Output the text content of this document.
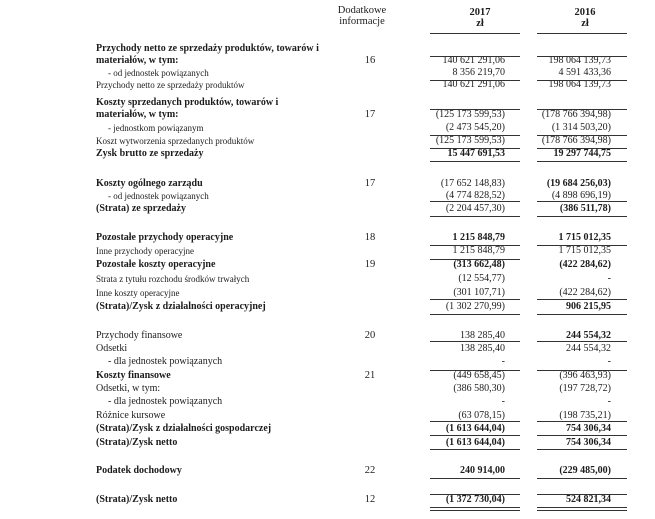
Dodatkowe informacje
2017
zł
2016
zł
Przychody netto ze sprzedaży produktów, towarów i
materiałów, w tym:	16	140 621 291,06	198 064 139,73
- od jednostek powiązanych	8 356 219,70	4 591 433,36
Przychody netto ze sprzedaży produktów	140 621 291,06	198 064 139,73
Koszty sprzedanych produktów, towarów i
materiałów, w tym:	17	(125 173 599,53)	(178 766 394,98)
- jednostkom powiązanym	(2 473 545,20)	(1 314 503,20)
Koszt wytworzenia sprzedanych produktów	(125 173 599,53)	(178 766 394,98)
Zysk brutto ze sprzedaży	15 447 691,53	19 297 744,75
Koszty ogólnego zarządu	17	(17 652 148,83)	(19 684 256,03)
- od jednostek powiązanych	(4 774 828,52)	(4 898 696,19)
(Strata) ze sprzedaży	(2 204 457,30)	(386 511,78)
Pozostałe przychody operacyjne	18	1 215 848,79	1 715 012,35
Inne przychody operacyjne	1 215 848,79	1 715 012,35
Pozostałe koszty operacyjne	19	(313 662,48)	(422 284,62)
Strata z tytułu rozchodu środków trwałych	(12 554,77)	-
Inne koszty operacyjne	(301 107,71)	(422 284,62)
(Strata)/Zysk z działalności operacyjnej	(1 302 270,99)	906 215,95
Przychody finansowe	20	138 285,40	244 554,32
Odsetki	138 285,40	244 554,32
- dla jednostek powiązanych	-	-
Koszty finansowe	21	(449 658,45)	(396 463,93)
Odsetki, w tym:	(386 580,30)	(197 728,72)
- dla jednostek powiązanych	-	-
Różnice kursowe	(63 078,15)	(198 735,21)
(Strata)/Zysk z działalności gospodarczej	(1 613 644,04)	754 306,34
(Strata)/Zysk netto	(1 613 644,04)	754 306,34
Podatek dochodowy	22	240 914,00	(229 485,00)
(Strata)/Zysk netto	12	(1 372 730,04)	524 821,34
